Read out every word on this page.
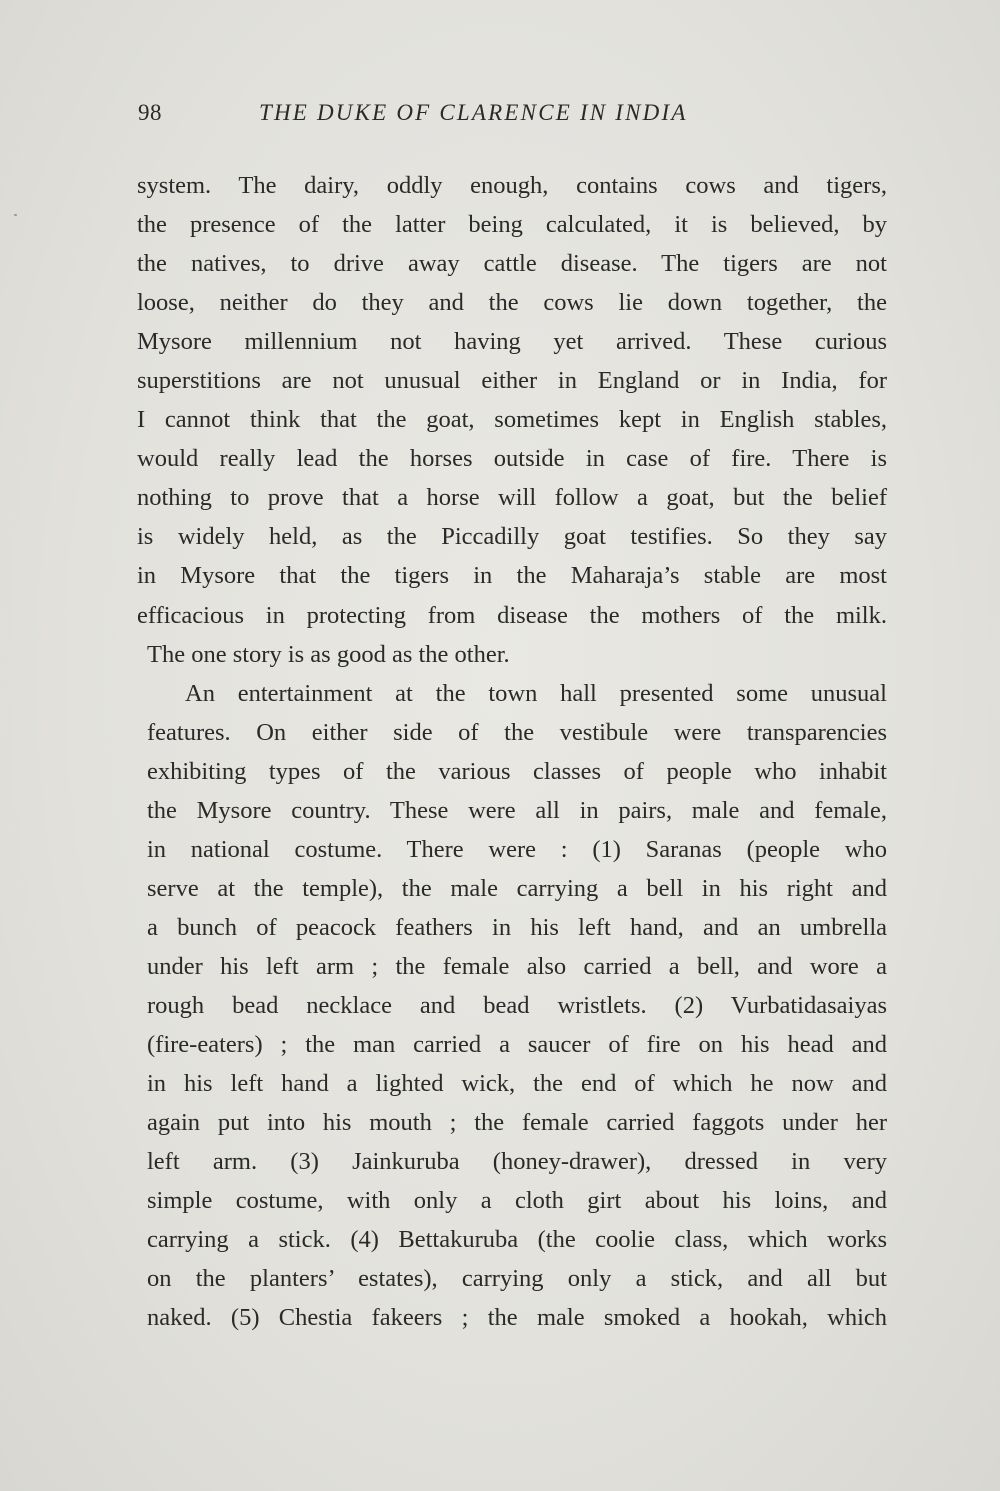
98	THE DUKE OF CLARENCE IN INDIA
system. The dairy, oddly enough, contains cows and tigers,
the presence of the latter being calculated, it is believed, by
the natives, to drive away cattle disease. The tigers are not
loose, neither do they and the cows lie down together, the
Mysore millennium not having yet arrived. These curious
superstitions are not unusual either in England or in India, for
I cannot think that the goat, sometimes kept in English stables,
would really lead the horses outside in case of fire. There is
nothing to prove that a horse will follow a goat, but the belief
is widely held, as the Piccadilly goat testifies. So they say
in Mysore that the tigers in the Maharaja’s stable are most
efficacious in protecting from disease the mothers of the milk.
The one story is as good as the other.
An entertainment at the town hall presented some unusual
features. On either side of the vestibule were transparencies
exhibiting types of the various classes of people who inhabit
the Mysore country. These were all in pairs, male and female,
in national costume. There were : (1) Saranas (people who
serve at the temple), the male carrying a bell in his right and
a bunch of peacock feathers in his left hand, and an umbrella
under his left arm ; the female also carried a bell, and wore a
rough bead necklace and bead wristlets. (2) Vurbatidasaiyas
(fire-eaters) ; the man carried a saucer of fire on his head and
in his left hand a lighted wick, the end of which he now and
again put into his mouth ; the female carried faggots under her
left arm. (3) Jainkuruba (honey-drawer), dressed in very
simple costume, with only a cloth girt about his loins, and
carrying a stick. (4) Bettakuruba (the coolie class, which works
on the planters’ estates), carrying only a stick, and all but
naked. (5) Chestia fakeers ; the male smoked a hookah, which
